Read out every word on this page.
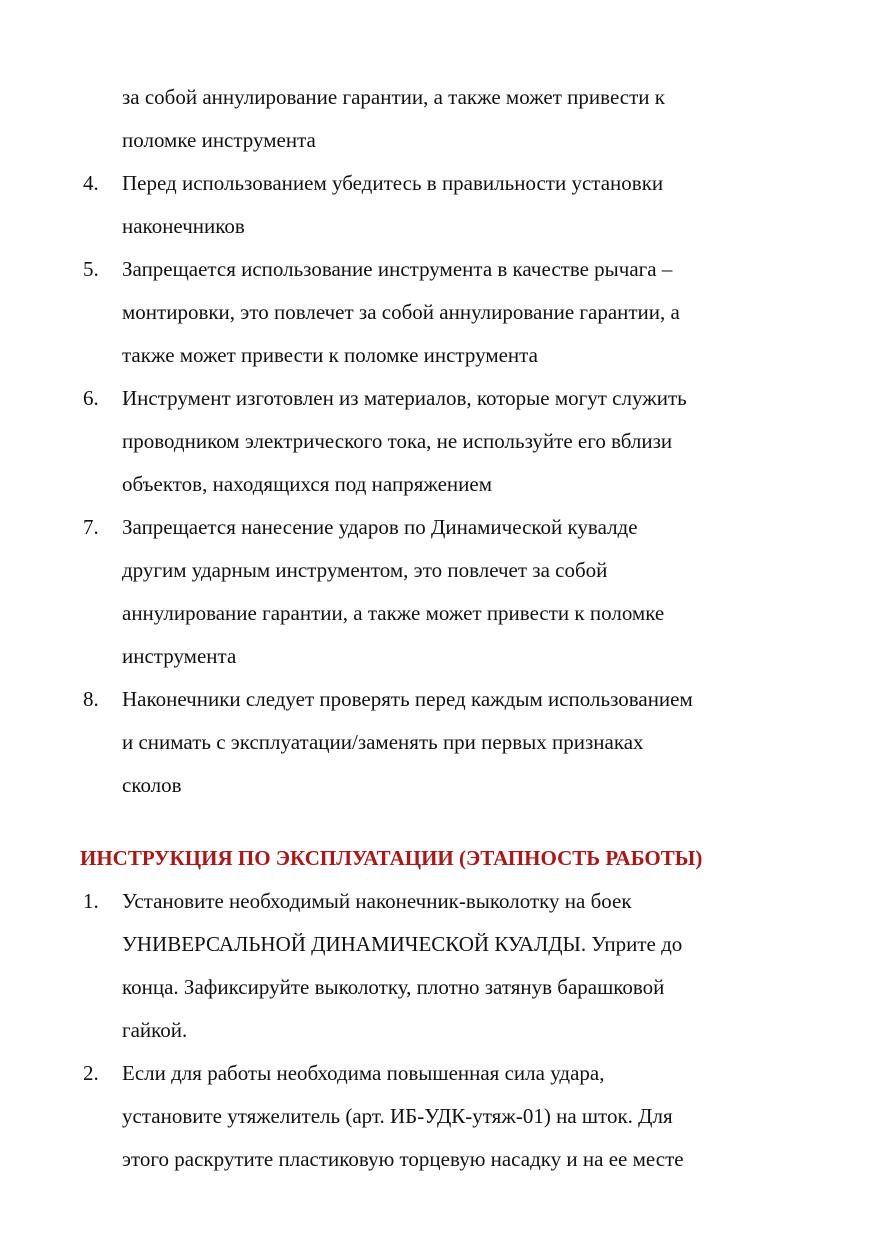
за собой аннулирование гарантии, а также может привести к
поломке инструмента
4.	Перед использованием убедитесь в правильности установки
наконечников
5.	Запрещается использование инструмента в качестве рычага –
монтировки, это повлечет за собой аннулирование гарантии, а
также может привести к поломке инструмента
6.	Инструмент изготовлен из материалов, которые могут служить
проводником электрического тока, не используйте его вблизи
объектов, находящихся под напряжением
7.	Запрещается нанесение ударов по Динамической кувалде
другим ударным инструментом, это повлечет за собой
аннулирование гарантии, а также может привести к поломке
инструмента
8.	Наконечники следует проверять перед каждым использованием
и снимать с эксплуатации/заменять при первых признаках
сколов
ИНСТРУКЦИЯ ПО ЭКСПЛУАТАЦИИ (ЭТАПНОСТЬ РАБОТЫ)
1.	Установите необходимый наконечник-выколотку на боек
УНИВЕРСАЛЬНОЙ ДИНАМИЧЕСКОЙ КУАЛДЫ. Уприте до
конца. Зафиксируйте выколотку, плотно затянув барашковой
гайкой.
2.	Если для работы необходима повышенная сила удара,
установите утяжелитель (арт. ИБ-УДК-утяж-01) на шток. Для
этого раскрутите пластиковую торцевую насадку и на ее месте
